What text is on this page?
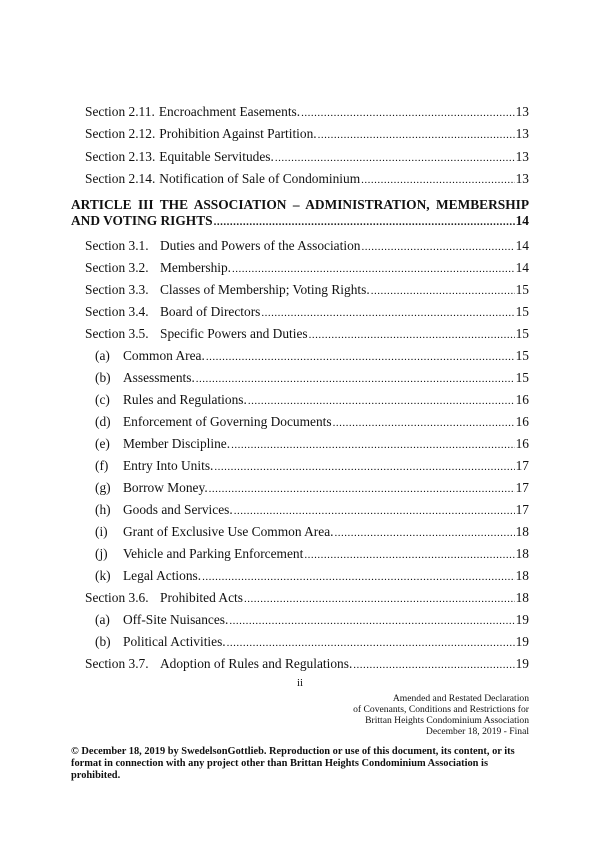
Section 2.11. Encroachment Easements. .....	13
Section 2.12. Prohibition Against Partition. .....	13
Section 2.13. Equitable Servitudes. .....	13
Section 2.14. Notification of Sale of Condominium .....	13
ARTICLE III THE ASSOCIATION – ADMINISTRATION, MEMBERSHIP
AND VOTING RIGHTS .....	14
Section 3.1. Duties and Powers of the Association .....	14
Section 3.2. Membership. .....	14
Section 3.3. Classes of Membership; Voting Rights. .....	15
Section 3.4. Board of Directors .....	15
Section 3.5. Specific Powers and Duties .....	15
(a) Common Area. .....	15
(b) Assessments. .....	15
(c) Rules and Regulations. .....	16
(d) Enforcement of Governing Documents .....	16
(e) Member Discipline. .....	16
(f)	Entry Into Units. .....	17
(g) Borrow Money. .....	17
(h) Goods and Services. .....	17
(i)	Grant of Exclusive Use Common Area. .....	18
(j)	Vehicle and Parking Enforcement .....	18
(k) Legal Actions. .....	18
Section 3.6. Prohibited Acts .....	18
(a) Off-Site Nuisances. .....	19
(b) Political Activities. .....	19
Section 3.7. Adoption of Rules and Regulations. .....	19
ii
Amended and Restated Declaration
of Covenants, Conditions and Restrictions for
Brittan Heights Condominium Association
December 18, 2019 - Final
© December 18, 2019 by SwedelsonGottlieb. Reproduction or use of this document, its content, or its format in connection with any project other than Brittan Heights Condominium Association is prohibited.
